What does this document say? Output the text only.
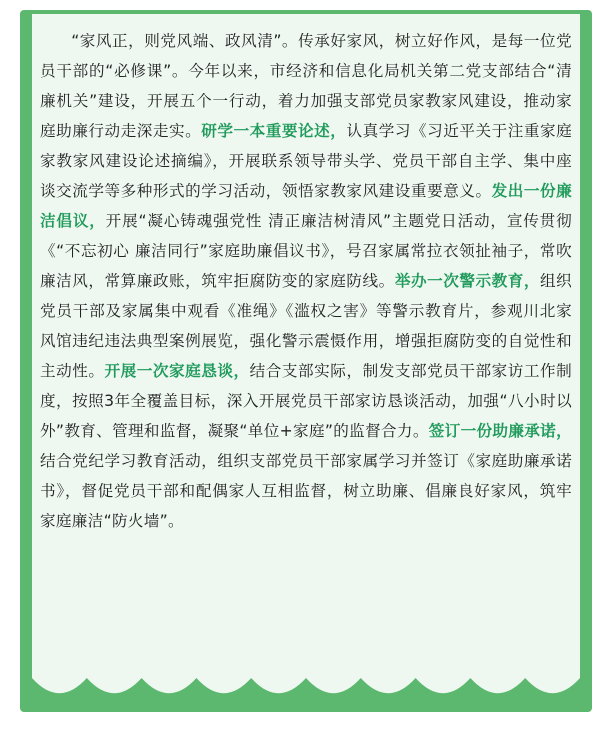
“家风正，则党风端、政风清”。传承好家风，树立好作风，是每一位党员干部的“必修课”。今年以来，市经济和信息化局机关第二党支部结合“清廉机关”建设，开展五个一行动，着力加强支部党员家教家风建设，推动家庭助廉行动走深走实。研学一本重要论述，认真学习《习近平关于注重家庭家教家风建设论述摘编》，开展联系领导带头学、党员干部自主学、集中座谈交流学等多种形式的学习活动，领悟家教家风建设重要意义。发出一份廉洁倡议，开展“凝心铸魂强党性 清正廉洁树清风”主题党日活动，宣传贯彻《“不忘初心 廉洁同行”家庭助廉倡议书》，号召家属常拉衣领扯袖子，常吹廉洁风，常算廉政账，筑牢拒腐防变的家庭防线。举办一次警示教育，组织党员干部及家属集中观看《准绳》《滥权之害》等警示教育片，参观川北家风馆违纪违法典型案例展览，强化警示震慑作用，增强拒腐防变的自觉性和主动性。开展一次家庭恳谈，结合支部实际，制发支部党员干部家访工作制度，按照3年全覆盖目标，深入开展党员干部家访恳谈活动，加强“八小时以外”教育、管理和监督，凝聚“单位+家庭”的监督合力。签订一份助廉承诺，结合党纪学习教育活动，组织支部党员干部家属学习并签订《家庭助廉承诺书》，督促党员干部和配偶家人互相监督，树立助廉、倡廉良好家风，筑牢家庭廉洁“防火墙”。
